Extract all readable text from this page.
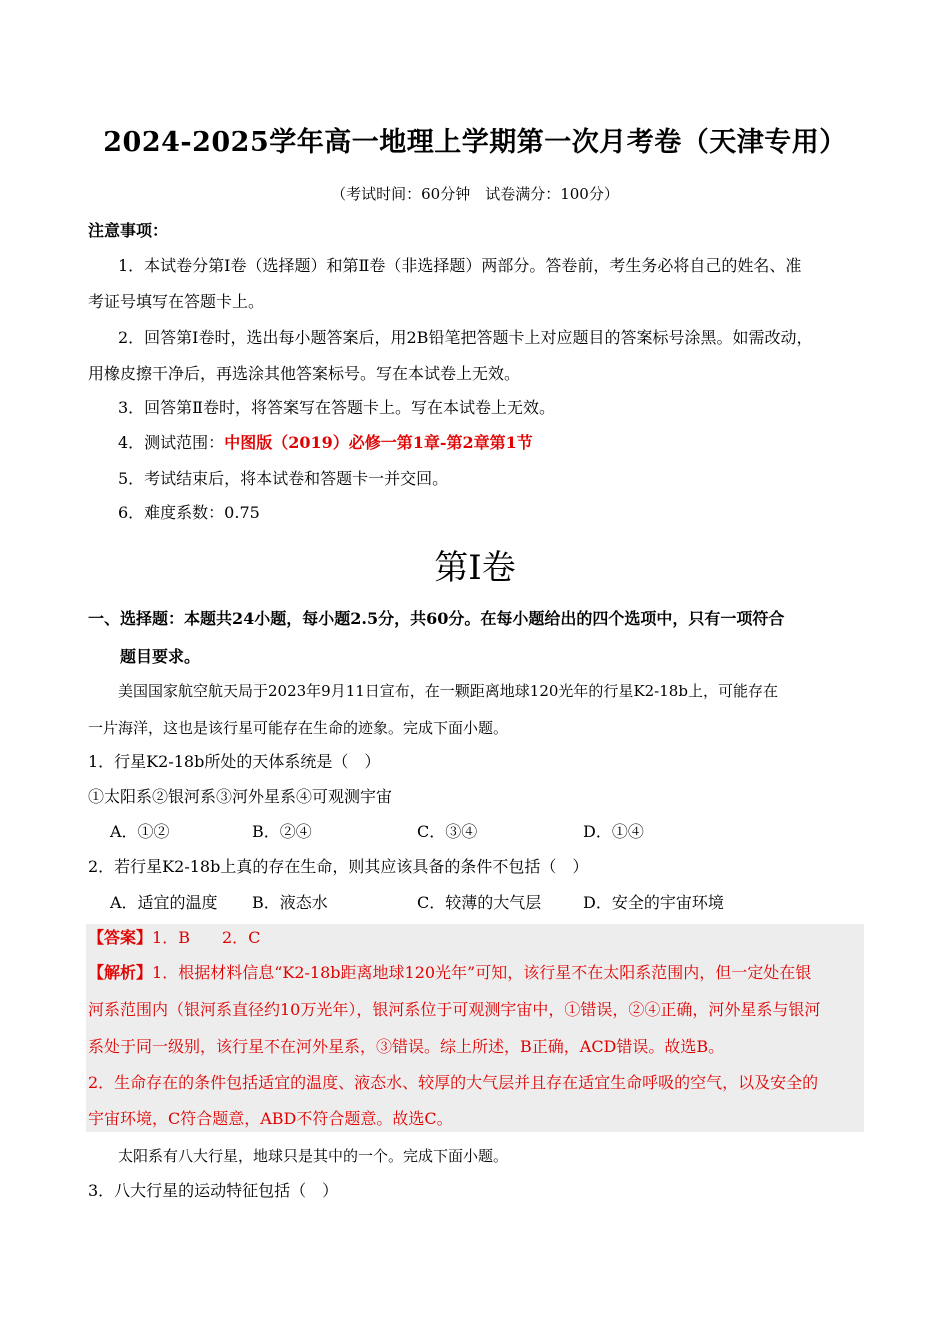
2024-2025学年高一地理上学期第一次月考卷（天津专用）
（考试时间：60分钟　试卷满分：100分）
注意事项：
1．本试卷分第Ⅰ卷（选择题）和第Ⅱ卷（非选择题）两部分。答卷前，考生务必将自己的姓名、准
考证号填写在答题卡上。
2．回答第Ⅰ卷时，选出每小题答案后，用2B铅笔把答题卡上对应题目的答案标号涂黑。如需改动，
用橡皮擦干净后，再选涂其他答案标号。写在本试卷上无效。
3．回答第Ⅱ卷时，将答案写在答题卡上。写在本试卷上无效。
4．测试范围：中图版（2019）必修一第1章-第2章第1节
5．考试结束后，将本试卷和答题卡一并交回。
6．难度系数：0.75
第Ⅰ卷
一、选择题：本题共24小题，每小题2.5分，共60分。在每小题给出的四个选项中，只有一项符合
题目要求。
美国国家航空航天局于2023年9月11日宣布，在一颗距离地球120光年的行星K2-18b上，可能存在
一片海洋，这也是该行星可能存在生命的迹象。完成下面小题。
1．行星K2-18b所处的天体系统是（　）
①太阳系②银河系③河外星系④可观测宇宙
A．①②	B．②④	C．③④	D．①④
2．若行星K2-18b上真的存在生命，则其应该具备的条件不包括（　）
A．适宜的温度 B．液态水	C．较薄的大气层	D．安全的宇宙环境
【答案】1．B　　2．C
【解析】1．根据材料信息“K2-18b距离地球120光年”可知，该行星不在太阳系范围内，但一定处在银
河系范围内（银河系直径约10万光年），银河系位于可观测宇宙中，①错误，②④正确，河外星系与银河
系处于同一级别，该行星不在河外星系，③错误。综上所述，B正确，ACD错误。故选B。
2．生命存在的条件包括适宜的温度、液态水、较厚的大气层并且存在适宜生命呼吸的空气，以及安全的
宇宙环境，C符合题意，ABD不符合题意。故选C。
太阳系有八大行星，地球只是其中的一个。完成下面小题。
3．八大行星的运动特征包括（　）
